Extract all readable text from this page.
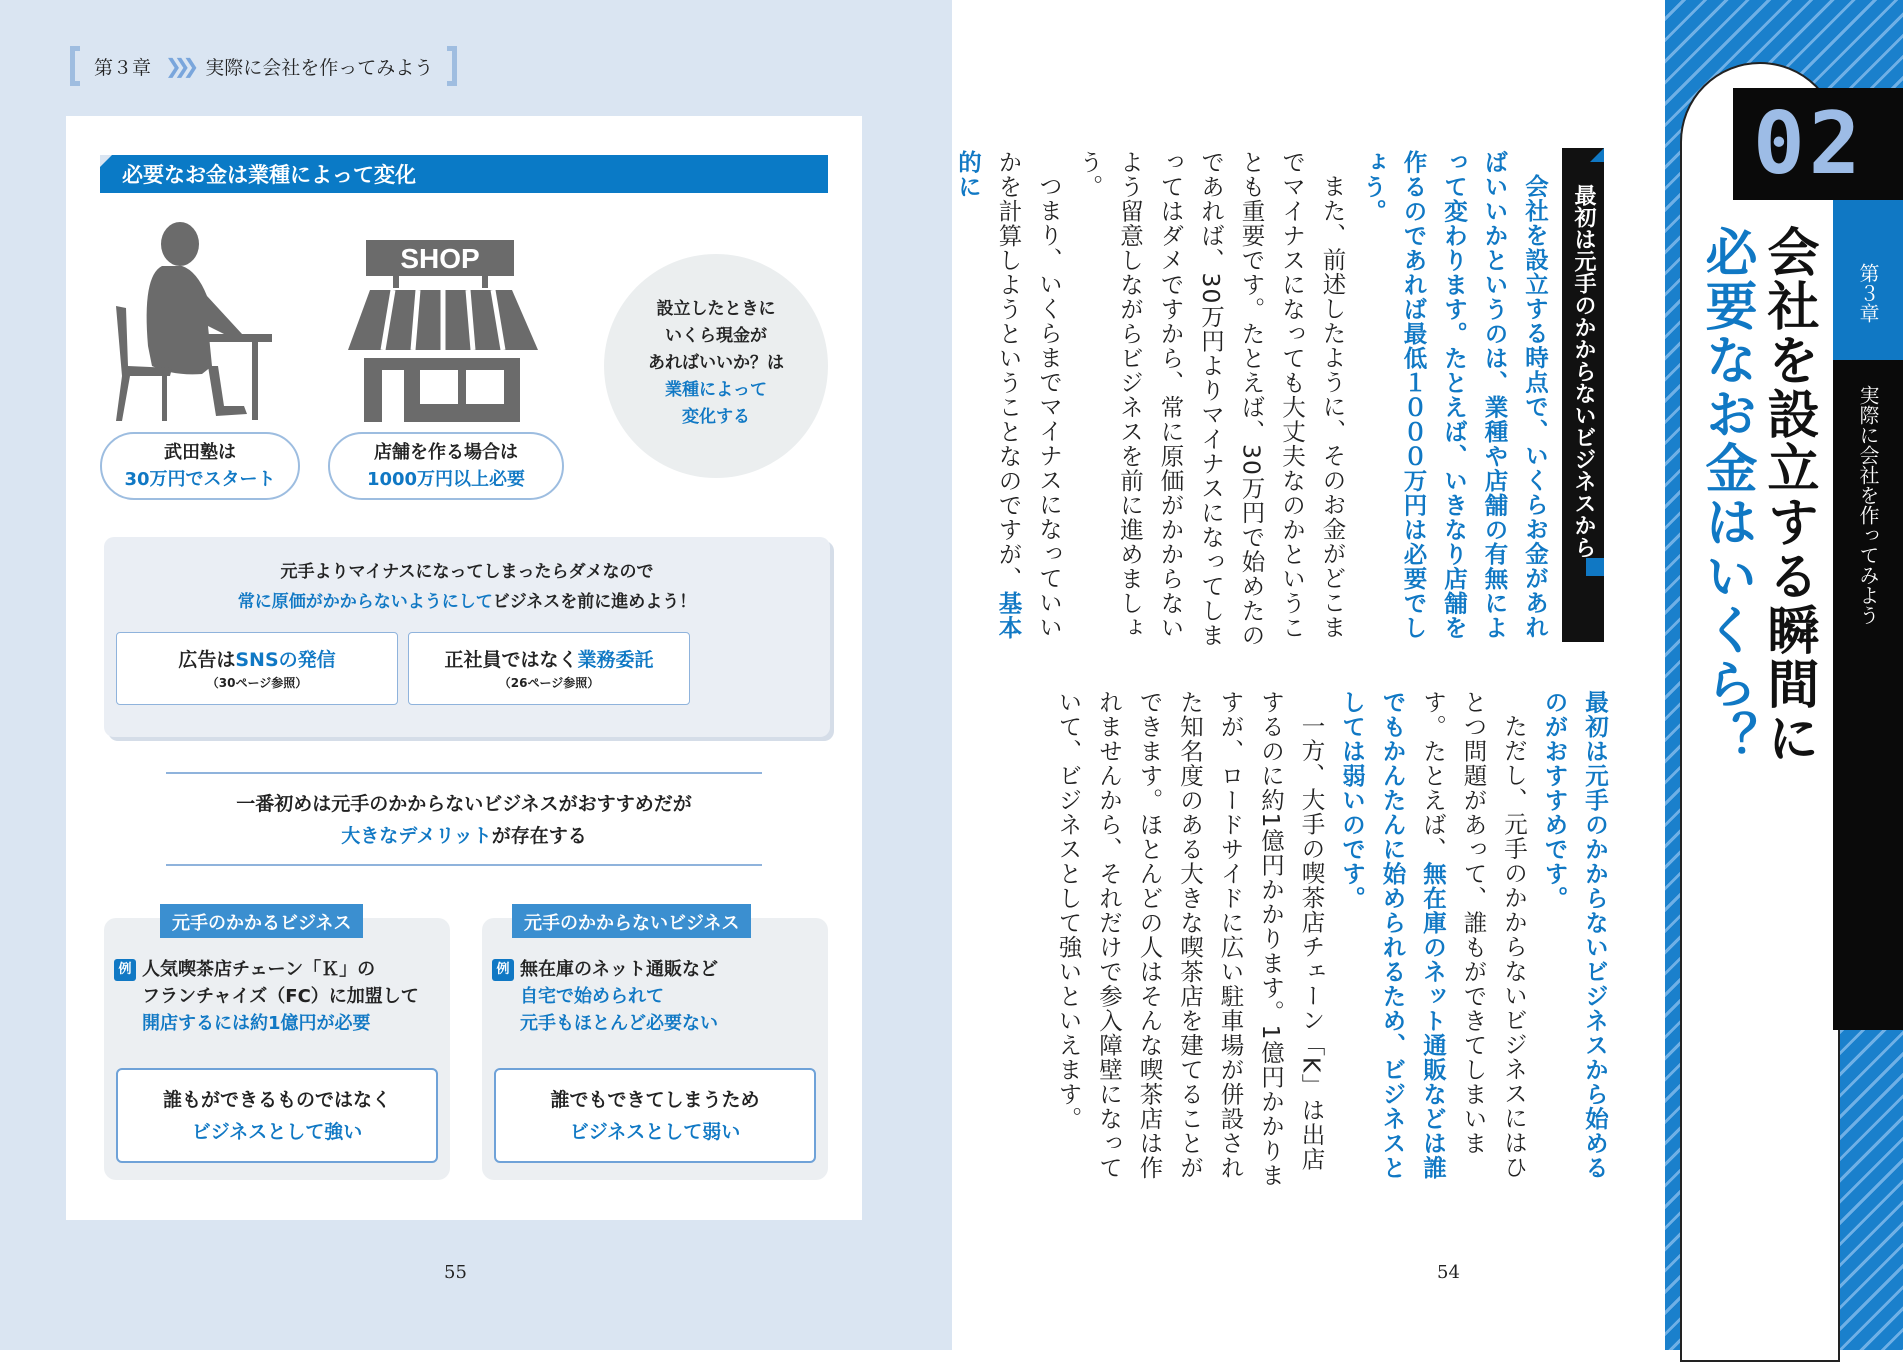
第３章 ❯❯❯ 実際に会社を作ってみよう
必要なお金は業種によって変化
SHOP
設立したときに
いくら現金が
あればいいか？は
業種によって
変化する
武田塾は
30万円でスタート
店舗を作る場合は
1000万円以上必要
元手よりマイナスになってしまったらダメなので
常に原価がかからないようにしてビジネスを前に進めよう！
広告はSNSの発信
（30ページ参照）
正社員ではなく業務委託
（26ページ参照）
一番初めは元手のかからないビジネスがおすすめだが
大きなデメリットが存在する
元手のかかるビジネス
例 人気喫茶店チェーン「Ｋ」の
フランチャイズ（FC）に加盟して
開店するには約1億円が必要
誰もができるものではなく
ビジネスとして強い
元手のかからないビジネス
例 無在庫のネット通販など
自宅で始められて
元手もほとんど必要ない
誰でもできてしまうため
ビジネスとして弱い
55
最初は元手のかからないビジネスから

会社を設立する時点で、いくらお金があればいいかというのは、業種や店舗の有無によって変わります。たとえば、いきなり店舗を作るのであれば最低１０００万円は必要でしょう。

また、前述したように、そのお金がどこまでマイナスになっても大丈夫なのかということも重要です。たとえば、30万円で始めたのであれば、30万円よりマイナスになってしまってはダメですから、常に原価がかからないよう留意しながらビジネスを前に進めましょう。

つまり、いくらまでマイナスになっていいかを計算しようということなのですが、基本的に

最初は元手のかからないビジネスから始めるのがおすすめです。

ただし、元手のかからないビジネスにはひとつ問題があって、誰もができてしまいます。たとえば、無在庫のネット通販などは誰でもかんたんに始められるため、ビジネスとしては弱いのです。

一方、大手の喫茶店チェーン「K」は出店するのに約1億円かかります。1億円かかりますが、ロードサイドに広い駐車場が併設された知名度のある大きな喫茶店を建てることができます。ほとんどの人はそんな喫茶店は作れませんから、それだけで参入障壁になっていて、ビジネスとして強いといえます。

54
02
第３章
実際に会社を作ってみよう
会社を設立する瞬間に
必要なお金はいくら？
